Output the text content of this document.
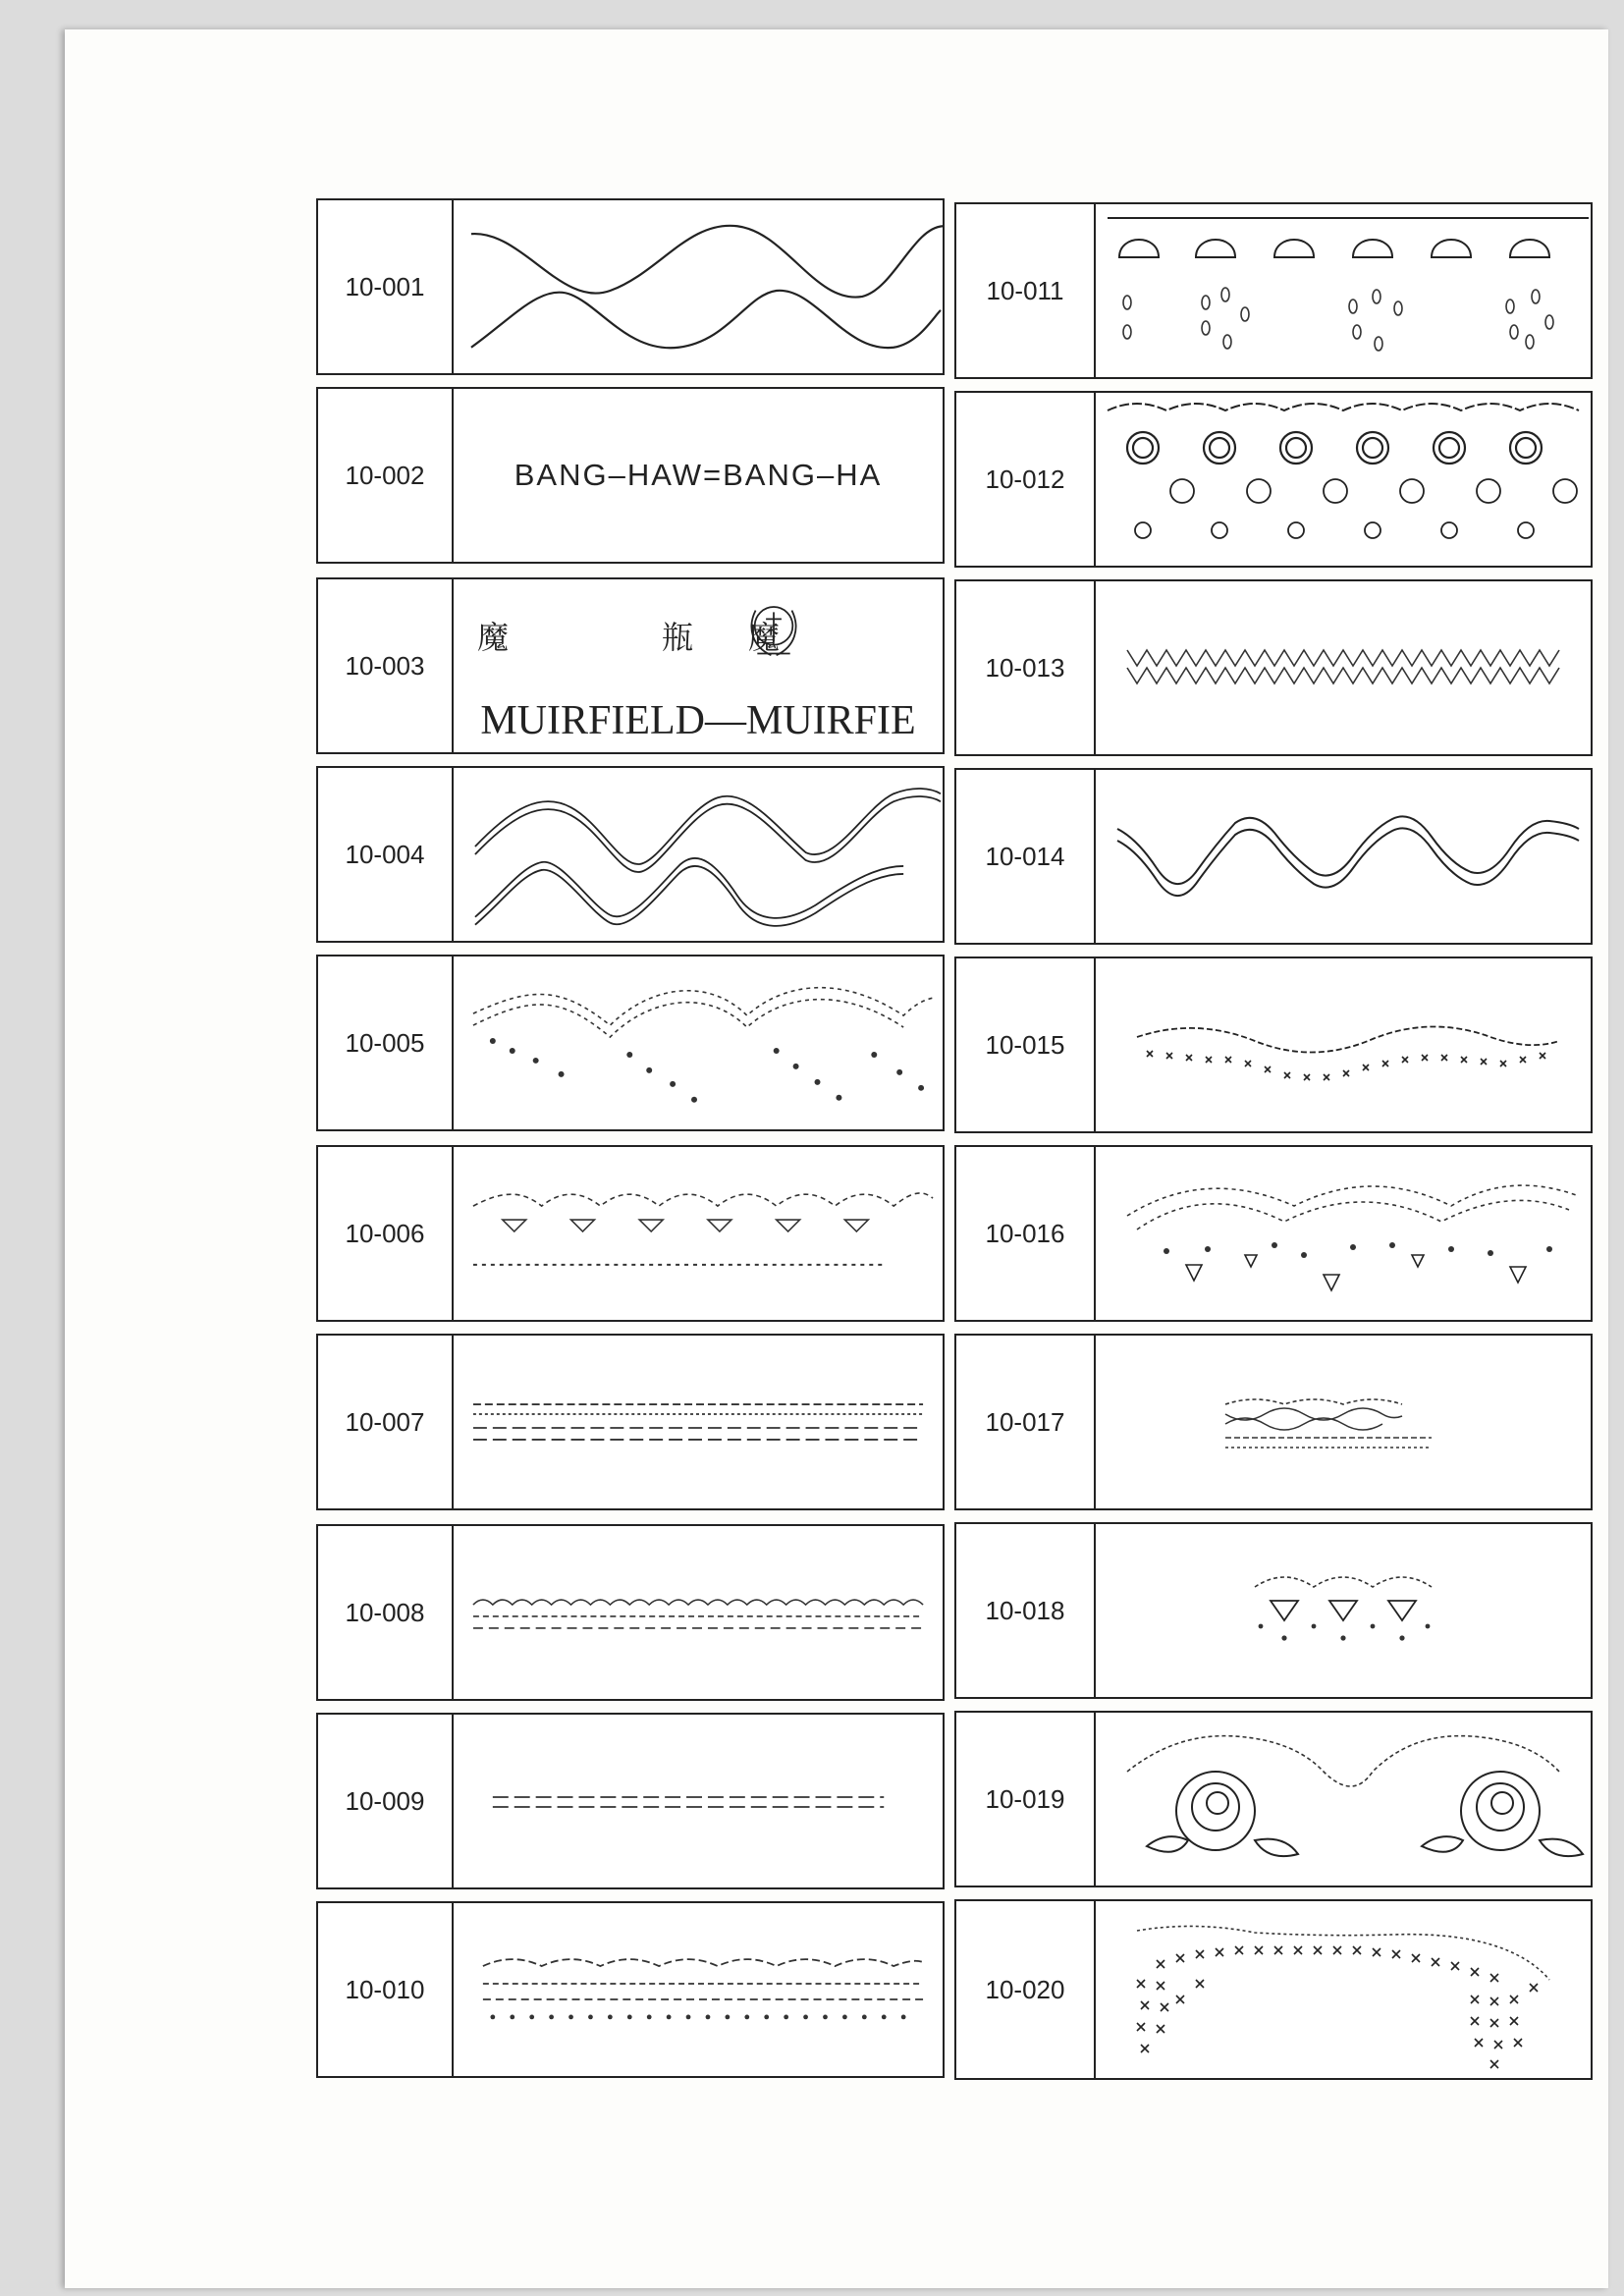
10-001
10-002	BANG–HAW=BANG–HA
10-003
魔	瓶 魔
MUIRFIELD—MUIRFIE
10-004
10-005
10-006
10-007
10-008
10-009
10-010
10-011
10-012
10-013
10-014
10-015
10-016
10-017
10-018
10-019
10-020
